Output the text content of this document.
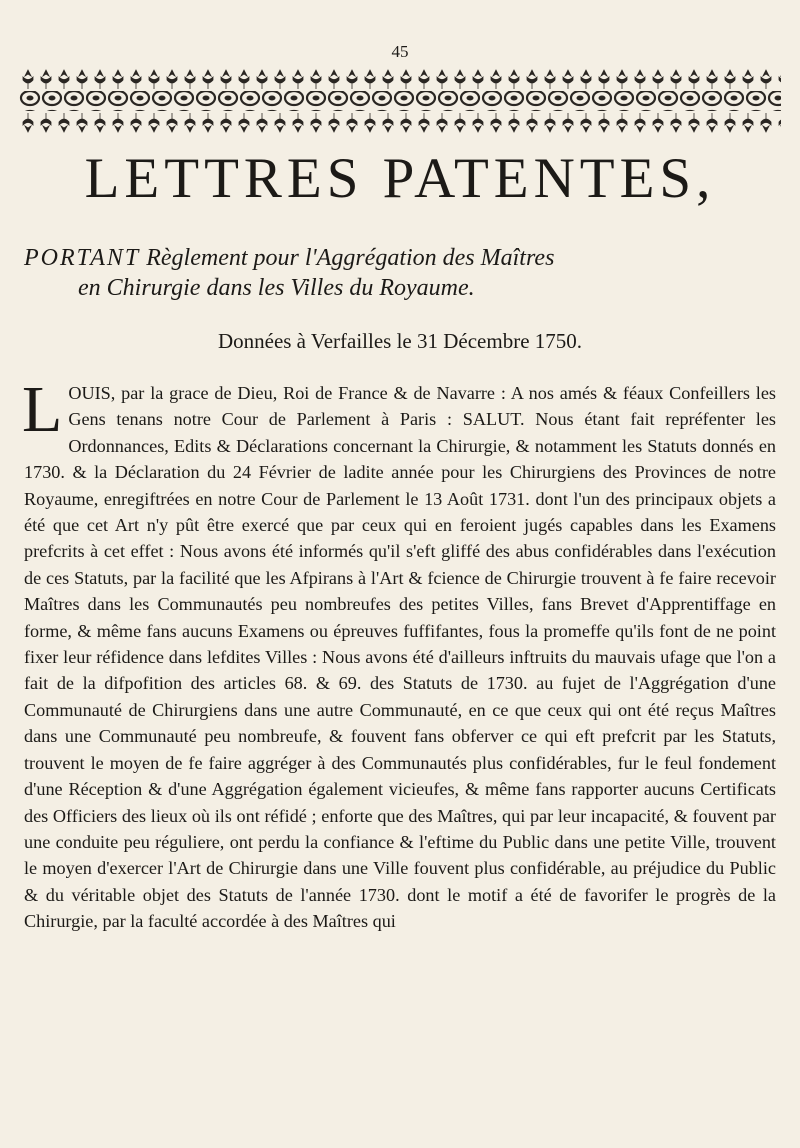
45
LETTRES PATENTES,
PORTANT Règlement pour l'Aggrégation des Maîtres
en Chirurgie dans les Villes du Royaume.
Données à Verfailles le 31 Décembre 1750.
L OUIS, par la grace de Dieu, Roi de France & de Navarre : A nos amés & féaux Confeillers les Gens tenans notre Cour de Parlement à Paris : SALUT. Nous étant fait repréfenter les Ordonnances, Edits & Déclarations concernant la Chirurgie, & notamment les Statuts donnés en 1730. & la Déclaration du 24 Février de ladite année pour les Chirurgiens des Provinces de notre Royaume, enregiftrées en notre Cour de Parlement le 13 Août 1731. dont l'un des principaux objets a été que cet Art n'y pût être exercé que par ceux qui en feroient jugés capables dans les Examens prefcrits à cet effet : Nous avons été informés qu'il s'eft gliffé des abus confidérables dans l'exécution de ces Statuts, par la facilité que les Afpirans à l'Art & fcience de Chirurgie trouvent à fe faire recevoir Maîtres dans les Communautés peu nombreufes des petites Villes, fans Brevet d'Apprentiffage en forme, & même fans aucuns Examens ou épreuves fuffifantes, fous la promeffe qu'ils font de ne point fixer leur réfidence dans lefdites Villes : Nous avons été d'ailleurs inftruits du mauvais ufage que l'on a fait de la difpofition des articles 68. & 69. des Statuts de 1730. au fujet de l'Aggrégation d'une Communauté de Chirurgiens dans une autre Communauté, en ce que ceux qui ont été reçus Maîtres dans une Communauté peu nombreufe, & fouvent fans obferver ce qui eft prefcrit par les Statuts, trouvent le moyen de fe faire aggréger à des Communautés plus confidérables, fur le feul fondement d'une Réception & d'une Aggrégation également vicieufes, & même fans rapporter aucuns Certificats des Officiers des lieux où ils ont réfidé ; enforte que des Maîtres, qui par leur incapacité, & fouvent par une conduite peu réguliere, ont perdu la confiance & l'eftime du Public dans une petite Ville, trouvent le moyen d'exercer l'Art de Chirurgie dans une Ville fouvent plus confidérable, au préjudice du Public & du véritable objet des Statuts de l'année 1730. dont le motif a été de favorifer le progrès de la Chirurgie, par la faculté accordée à des Maîtres qui
